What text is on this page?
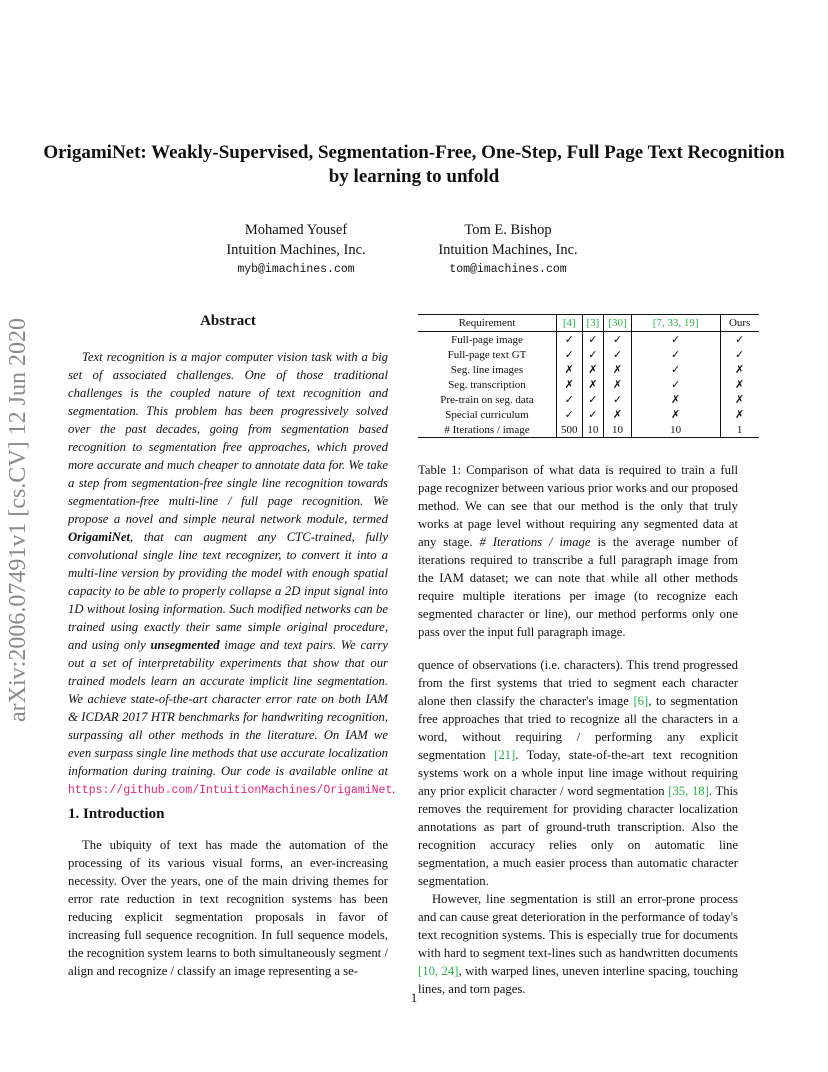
arXiv:2006.07491v1 [cs.CV] 12 Jun 2020
OrigamiNet: Weakly-Supervised, Segmentation-Free, One-Step, Full Page Text Recognition by learning to unfold
Mohamed Yousef
Intuition Machines, Inc.
myb@imachines.com
Tom E. Bishop
Intuition Machines, Inc.
tom@imachines.com
Abstract

Text recognition is a major computer vision task with a big set of associated challenges. One of those traditional challenges is the coupled nature of text recognition and segmentation. This problem has been progressively solved over the past decades, going from segmentation based recognition to segmentation free approaches, which proved more accurate and much cheaper to annotate data for. We take a step from segmentation-free single line recognition towards segmentation-free multi-line / full page recognition. We propose a novel and simple neural network module, termed OrigamiNet, that can augment any CTC-trained, fully convolutional single line text recognizer, to convert it into a multi-line version by providing the model with enough spatial capacity to be able to properly collapse a 2D input signal into 1D without losing information. Such modified networks can be trained using exactly their same simple original procedure, and using only unsegmented image and text pairs. We carry out a set of interpretability experiments that show that our trained models learn an accurate implicit line segmentation. We achieve state-of-the-art character error rate on both IAM & ICDAR 2017 HTR benchmarks for handwriting recognition, surpassing all other methods in the literature. On IAM we even surpass single line methods that use accurate localization information during training. Our code is available online at https://github.com/IntuitionMachines/OrigamiNet.

1. Introduction

The ubiquity of text has made the automation of the processing of its various visual forms, an ever-increasing necessity. Over the years, one of the main driving themes for error rate reduction in text recognition systems has been reducing explicit segmentation proposals in favor of increasing full sequence recognition. In full sequence models, the recognition system learns to both simultaneously segment / align and recognize / classify an image representing a se-

Requirement	[4]	[3]	[30]	[7, 33, 19]	Ours
Full-page image	✓	✓	✓	✓	✓
Full-page text GT	✓	✓	✓	✓	✓
Seg. line images	✗	✗	✗	✓	✗
Seg. transcription	✗	✗	✗	✓	✗
Pre-train on seg. data	✓	✓	✓	✗	✗
Special curriculum	✓	✓	✗	✗	✗
# Iterations / image	500	10	10	10	1

Table 1: Comparison of what data is required to train a full page recognizer between various prior works and our proposed method. We can see that our method is the only that truly works at page level without requiring any segmented data at any stage. # Iterations / image is the average number of iterations required to transcribe a full paragraph image from the IAM dataset; we can note that while all other methods require multiple iterations per image (to recognize each segmented character or line), our method performs only one pass over the input full paragraph image.

quence of observations (i.e. characters). This trend progressed from the first systems that tried to segment each character alone then classify the character's image [6], to segmentation free approaches that tried to recognize all the characters in a word, without requiring / performing any explicit segmentation [21]. Today, state-of-the-art text recognition systems work on a whole input line image without requiring any prior explicit character / word segmentation [35, 18]. This removes the requirement for providing character localization annotations as part of ground-truth transcription. Also the recognition accuracy relies only on automatic line segmentation, a much easier process than automatic character segmentation.

However, line segmentation is still an error-prone process and can cause great deterioration in the performance of today's text recognition systems. This is especially true for documents with hard to segment text-lines such as handwritten documents [10, 24], with warped lines, uneven interline spacing, touching lines, and torn pages.

1
